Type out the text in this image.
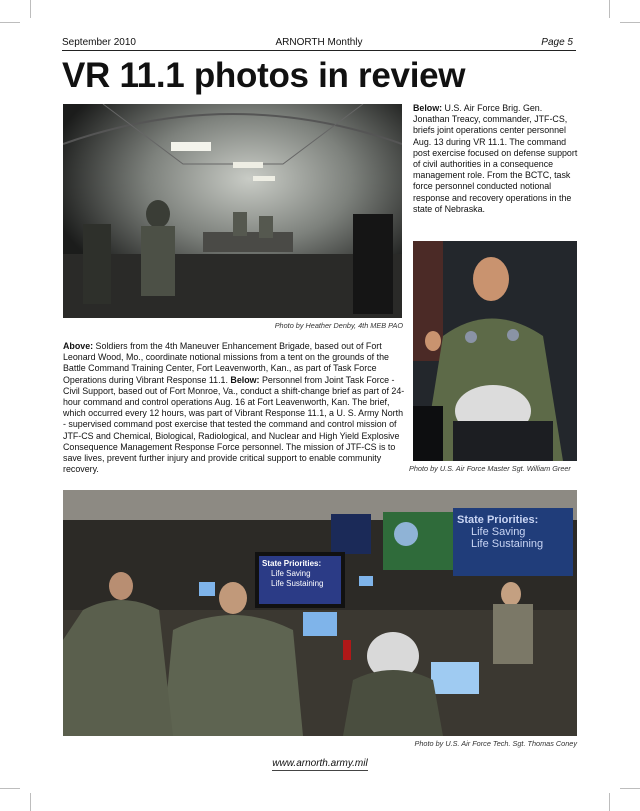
September 2010	ARNORTH Monthly	Page 5
VR 11.1 photos in review
Photo by Heather Denby, 4th MEB PAO

Below: U.S. Air Force Brig. Gen. Jonathan Treacy, commander, JTF-CS, briefs joint operations center personnel Aug. 13 during VR 11.1. The command post exercise focused on defense support of civil authorities in a consequence management role. From the BCTC, task force personnel conducted notional response and recovery operations in the state of Nebraska.

Photo by U.S. Air Force Master Sgt. William Greer

Above: Soldiers from the 4th Maneuver Enhancement Brigade, based out of Fort Leonard Wood, Mo., coordinate notional missions from a tent on the grounds of the Battle Command Training Center, Fort Leavenworth, Kan., as part of Task Force Operations during Vibrant Response 11.1. Below: Personnel from Joint Task Force - Civil Support, based out of Fort Monroe, Va., conduct a shift-change brief as part of 24-hour command and control operations Aug. 16 at Fort Leavenworth, Kan. The brief, which occurred every 12 hours, was part of Vibrant Response 11.1, a U. S. Army North - supervised command post exercise that tested the command and control mission of JTF-CS and Chemical, Biological, Radiological, and Nuclear and High Yield Explosive Consequence Management Response Force personnel. The mission of JTF-CS is to save lives, prevent further injury and provide critical support to enable community recovery.

State Priorities:
Life Saving
Life Sustaining
State Priorities:
Life Saving
Life Sustaining
Photo by U.S. Air Force Tech. Sgt. Thomas Coney
www.arnorth.army.mil
